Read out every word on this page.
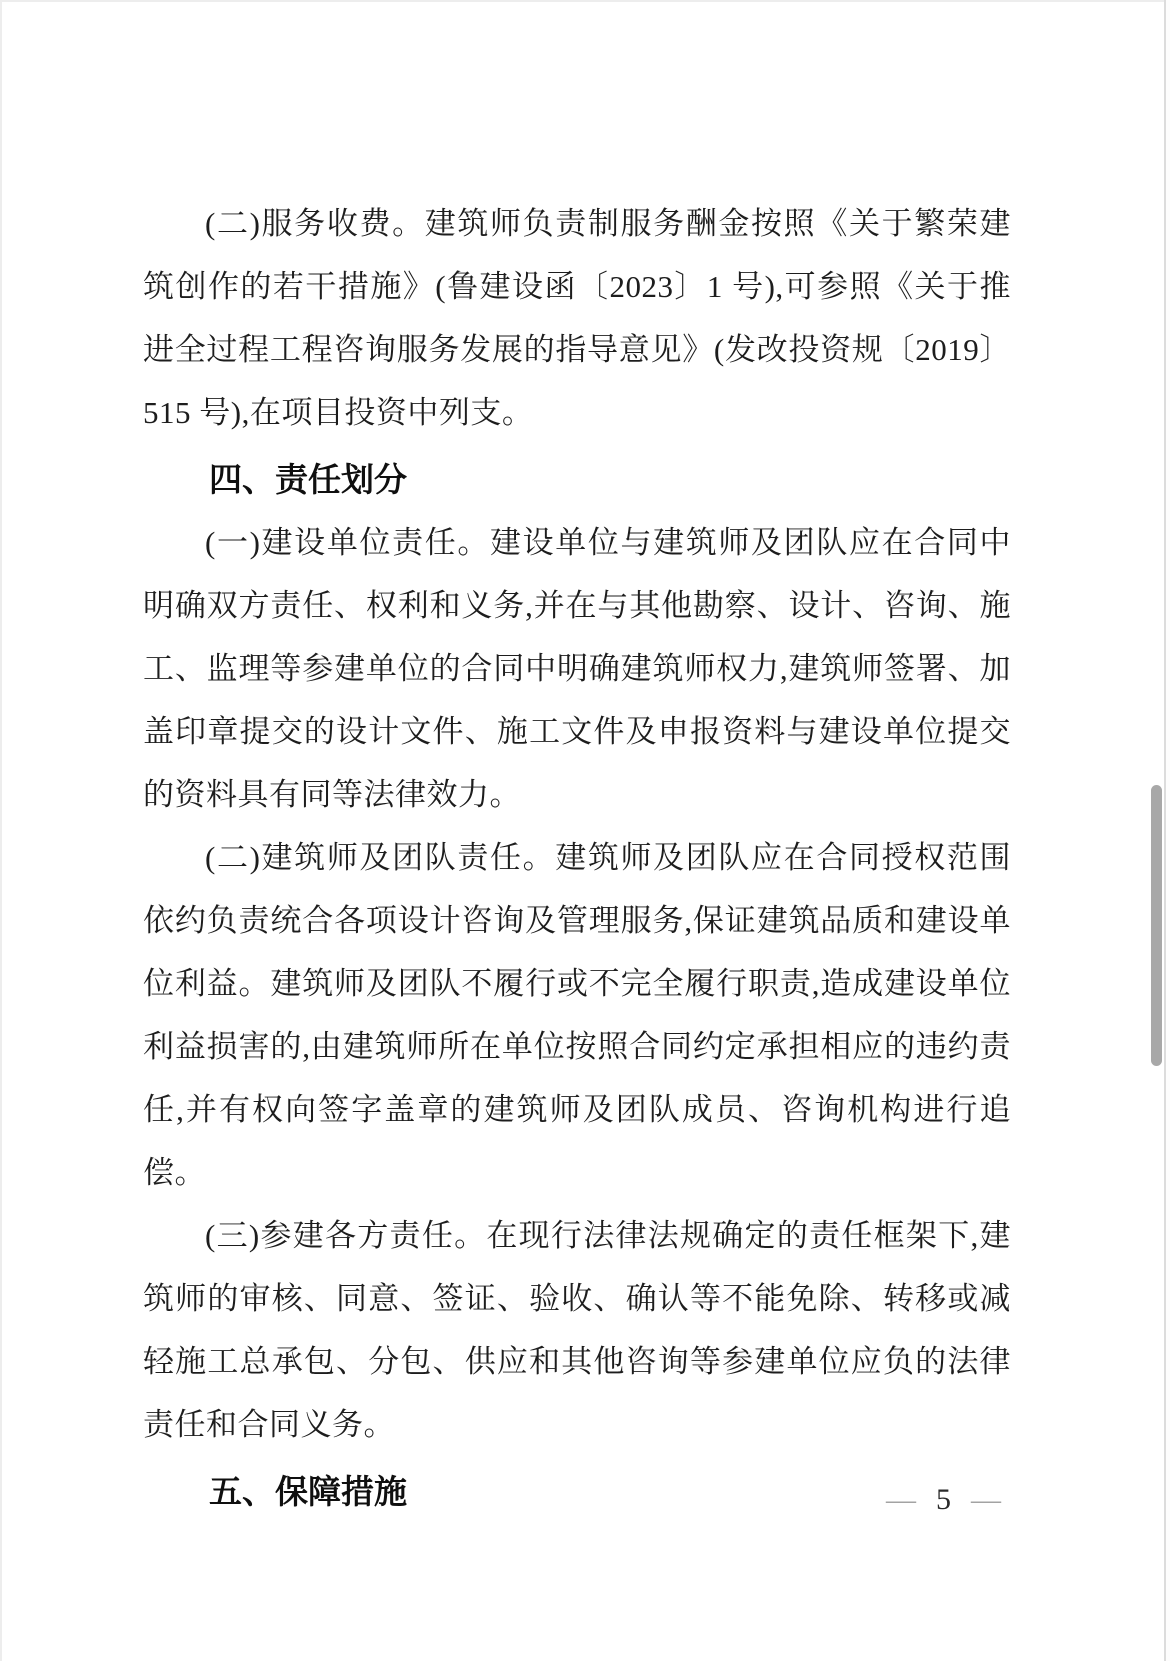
(二)服务收费。建筑师负责制服务酬金按照《关于繁荣建筑创作的若干措施》(鲁建设函〔2023〕1 号),可参照《关于推进全过程工程咨询服务发展的指导意见》(发改投资规〔2019〕515 号),在项目投资中列支。

四、责任划分

(一)建设单位责任。建设单位与建筑师及团队应在合同中明确双方责任、权利和义务,并在与其他勘察、设计、咨询、施工、监理等参建单位的合同中明确建筑师权力,建筑师签署、加盖印章提交的设计文件、施工文件及申报资料与建设单位提交的资料具有同等法律效力。

(二)建筑师及团队责任。建筑师及团队应在合同授权范围依约负责统合各项设计咨询及管理服务,保证建筑品质和建设单位利益。建筑师及团队不履行或不完全履行职责,造成建设单位利益损害的,由建筑师所在单位按照合同约定承担相应的违约责任,并有权向签字盖章的建筑师及团队成员、咨询机构进行追偿。

(三)参建各方责任。在现行法律法规确定的责任框架下,建筑师的审核、同意、签证、验收、确认等不能免除、转移或减轻施工总承包、分包、供应和其他咨询等参建单位应负的法律责任和合同义务。

五、保障措施	— 5 —
